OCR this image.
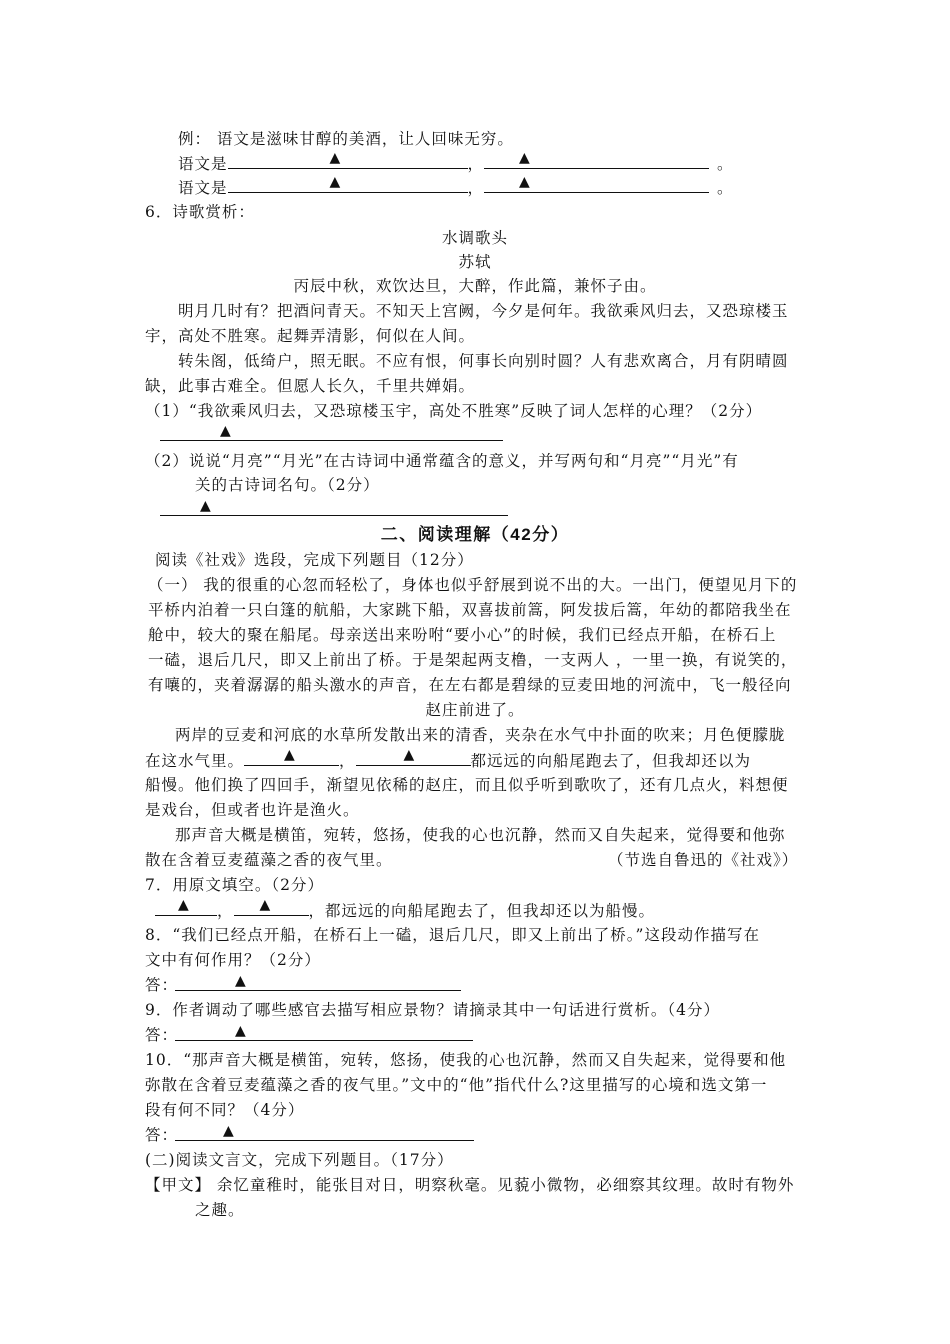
例： 语文是滋味甘醇的美酒，让人回味无穷。
语文是	▲	，	▲	。
语文是	▲	，	▲	。
6．诗歌赏析：
水调歌头
苏轼
丙辰中秋，欢饮达旦，大醉，作此篇，兼怀子由。
明月几时有？把酒问青天。不知天上宫阙，今夕是何年。我欲乘风归去，又恐琼楼玉
宇，高处不胜寒。起舞弄清影，何似在人间。
转朱阁，低绮户，照无眠。不应有恨，何事长向别时圆？人有悲欢离合，月有阴晴圆
缺，此事古难全。但愿人长久，千里共婵娟。
（1）“我欲乘风归去，又恐琼楼玉宇，高处不胜寒”反映了词人怎样的心理？（2分）
▲
（2）说说“月亮”“月光”在古诗词中通常蕴含的意义，并写两句和“月亮”“月光”有
关的古诗词名句。（2分）
▲
二、阅读理解（42分）
阅读《社戏》选段，完成下列题目（12分）
（一） 我的很重的心忽而轻松了，身体也似乎舒展到说不出的大。一出门，便望见月下的
平桥内泊着一只白篷的航船，大家跳下船，双喜拔前篙，阿发拔后篙，年幼的都陪我坐在
舱中，较大的聚在船尾。母亲送出来吩咐“要小心”的时候，我们已经点开船，在桥石上
一磕，退后几尺，即又上前出了桥。于是架起两支橹，一支两人 ，一里一换，有说笑的，
有嚷的，夹着潺潺的船头激水的声音，在左右都是碧绿的豆麦田地的河流中，飞一般径向
赵庄前进了。
两岸的豆麦和河底的水草所发散出来的清香，夹杂在水气中扑面的吹来；月色便朦胧
在这水气里。	▲	，	▲	都远远的向船尾跑去了，但我却还以为
船慢。他们换了四回手，渐望见依稀的赵庄，而且似乎听到歌吹了，还有几点火，料想便
是戏台，但或者也许是渔火。
那声音大概是横笛，宛转，悠扬，使我的心也沉静，然而又自失起来，觉得要和他弥
散在含着豆麦蕴藻之香的夜气里。	（节选自鲁迅的《社戏》）
7．用原文填空。（2分）
▲ ， ▲ ，都远远的向船尾跑去了，但我却还以为船慢。
8．“我们已经点开船，在桥石上一磕，退后几尺，即又上前出了桥。”这段动作描写在
文中有何作用？（2分）
答：	▲
9．作者调动了哪些感官去描写相应景物？请摘录其中一句话进行赏析。（4分）
答：	▲
10．“那声音大概是横笛，宛转，悠扬，使我的心也沉静，然而又自失起来，觉得要和他
弥散在含着豆麦蕴藻之香的夜气里。”文中的“他”指代什么?这里描写的心境和选文第一
段有何不同？（4分）
答：	▲
(二)阅读文言文，完成下列题目。（17分）
【甲文】 余忆童稚时，能张目对日，明察秋毫。见藐小微物，必细察其纹理。故时有物外
之趣。
